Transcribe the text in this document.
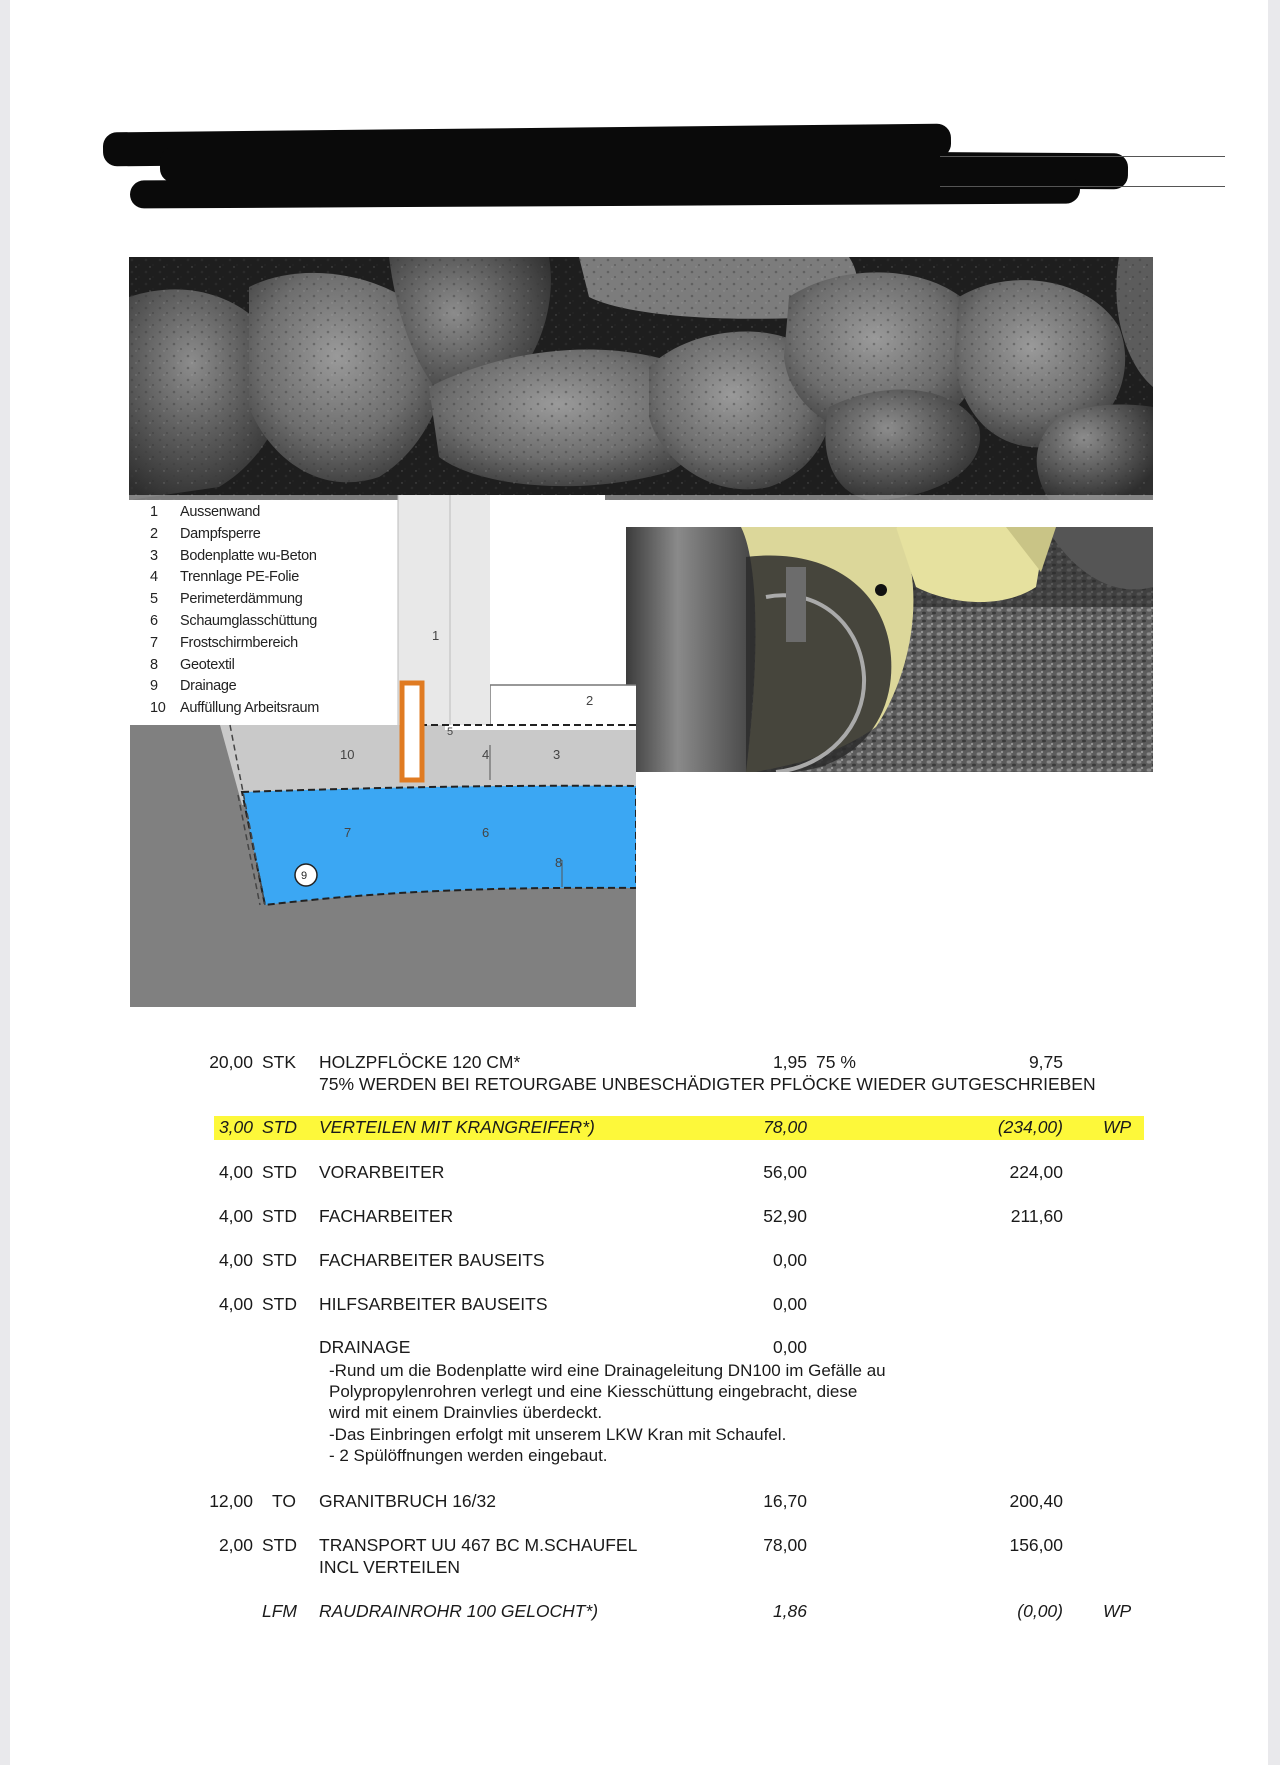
1
2
3
4
5
6
7
8
9
10
1	Aussenwand
2	Dampfsperre
3	Bodenplatte wu-Beton
4	Trennlage PE-Folie
5	Perimeterdämmung
6	Schaumglasschüttung
7	Frostschirmbereich
8	Geotextil
9	Drainage
10 Auffüllung Arbeitsraum
20,00 STK HOLZPFLÖCKE 120 CM*	1,95 75 %	9,75
75% WERDEN BEI RETOURGABE UNBESCHÄDIGTER PFLÖCKE WIEDER GUTGESCHRIEBEN
3,00 STD VERTEILEN MIT KRANGREIFER*)	78,00	(234,00) WP
4,00 STD VORARBEITER	56,00	224,00
4,00 STD FACHARBEITER	52,90	211,60
4,00 STD FACHARBEITER BAUSEITS	0,00
4,00 STD HILFSARBEITER BAUSEITS	0,00
DRAINAGE	0,00
-Rund um die Bodenplatte wird eine Drainageleitung DN100 im Gefälle au
Polypropylenrohren verlegt und eine Kiesschüttung eingebracht, diese
wird mit einem Drainvlies überdeckt.
-Das Einbringen erfolgt mit unserem LKW Kran mit Schaufel.
- 2 Spülöffnungen werden eingebaut.
12,00 TO GRANITBRUCH 16/32	16,70	200,40
2,00 STD TRANSPORT UU 467 BC M.SCHAUFEL	78,00	156,00
INCL VERTEILEN
LFM RAUDRAINROHR 100 GELOCHT*)	1,86	(0,00) WP
